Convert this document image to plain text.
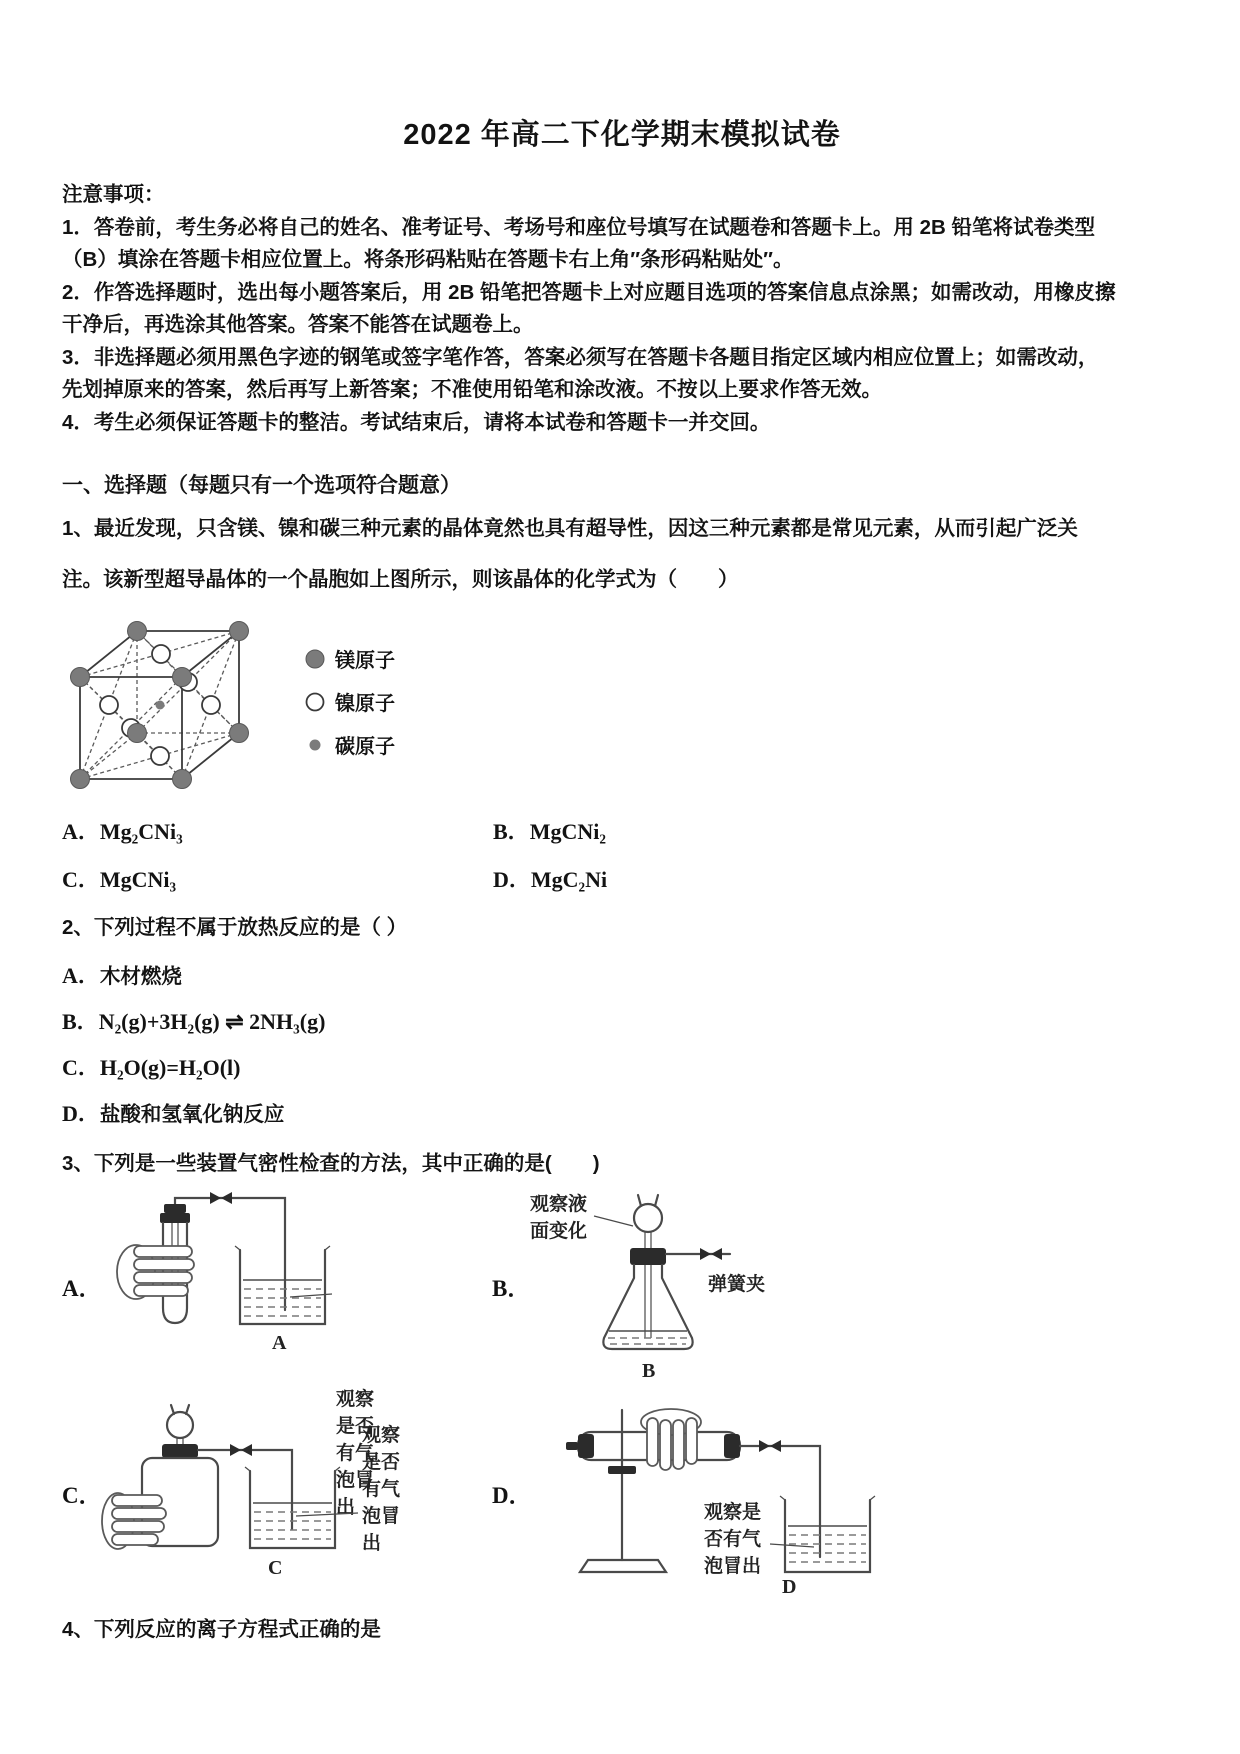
2022 年高二下化学期末模拟试卷

注意事项：

1．答卷前，考生务必将自己的姓名、准考证号、考场号和座位号填写在试题卷和答题卡上。用 2B 铅笔将试卷类型
（B）填涂在答题卡相应位置上。将条形码粘贴在答题卡右上角″条形码粘贴处″。

2．作答选择题时，选出每小题答案后，用 2B 铅笔把答题卡上对应题目选项的答案信息点涂黑；如需改动，用橡皮擦
干净后，再选涂其他答案。答案不能答在试题卷上。

3．非选择题必须用黑色字迹的钢笔或签字笔作答，答案必须写在答题卡各题目指定区域内相应位置上；如需改动，
先划掉原来的答案，然后再写上新答案；不准使用铅笔和涂改液。不按以上要求作答无效。

4．考生必须保证答题卡的整洁。考试结束后，请将本试卷和答题卡一并交回。

一、选择题（每题只有一个选项符合题意）

1、最近发现，只含镁、镍和碳三种元素的晶体竟然也具有超导性，因这三种元素都是常见元素，从而引起广泛关

注。该新型超导晶体的一个晶胞如上图所示，则该晶体的化学式为（　　）

镁原子
镍原子
碳原子
A． Mg₂CNi₃	B． MgCNi₂
C． MgCNi₃	D． MgC₂Ni

2、下列过程不属于放热反应的是（ ）

A． 木材燃烧
B． N₂(g)+3H₂(g) ⇌ 2NH₃(g)
C． H₂O(g)=H₂O(l)
D． 盐酸和氢氧化钠反应

3、下列是一些装置气密性检查的方法，其中正确的是(　　)

A．
观察是否有气泡冒出
A
B．
观察液面变化
弹簧夹
B
C．
观察是否有气泡冒出
C
D．
观察是否有气泡冒出
D

4、下列反应的离子方程式正确的是
